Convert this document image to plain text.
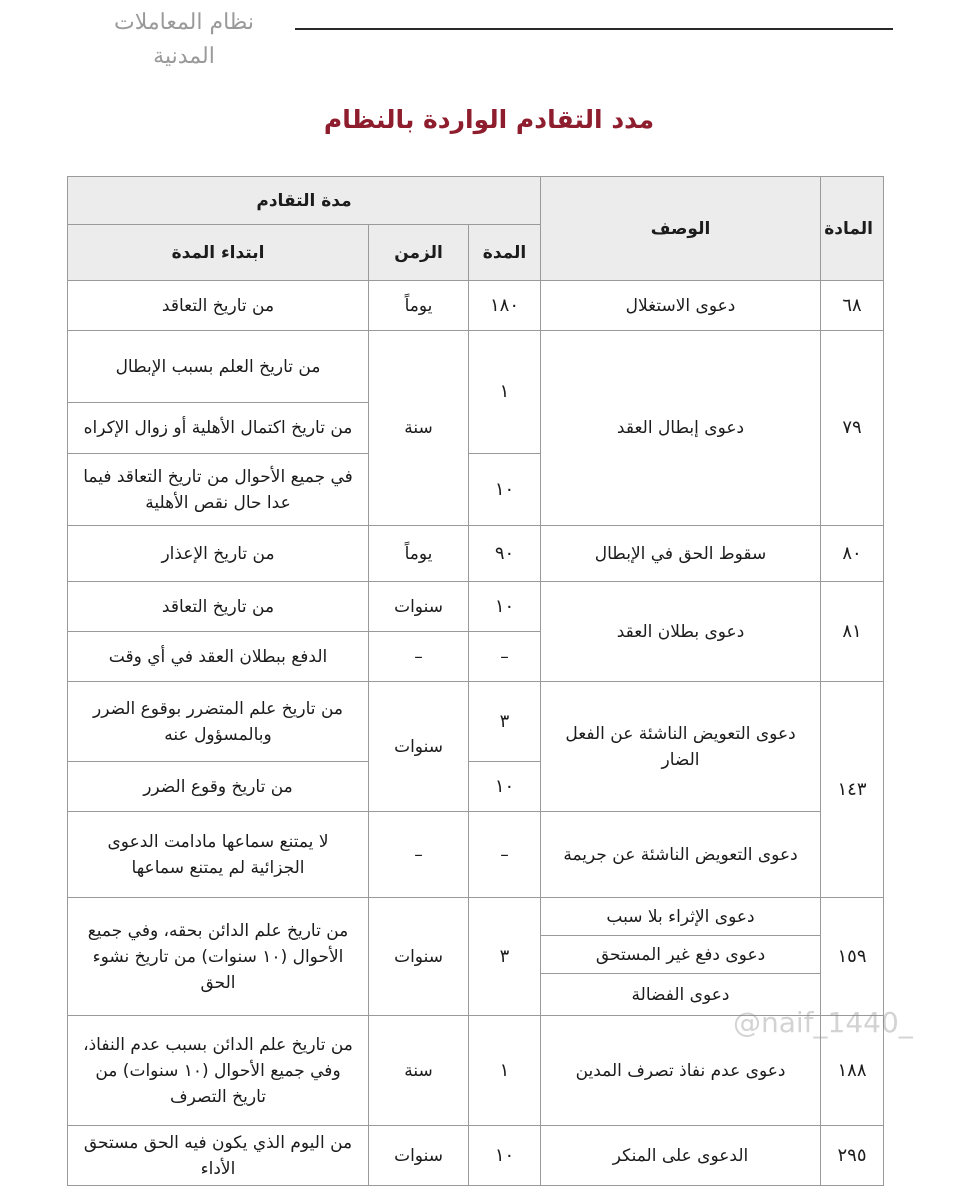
نظام المعاملات المدنية
مدد التقادم الواردة بالنظام
المادة	الوصف	مدة التقادم		
		المدة	الزمن	ابتداء المدة
٦٨	دعوى الاستغلال	١٨٠	يوماً	من تاريخ التعاقد
٧٩	دعوى إبطال العقد	١	سنة	من تاريخ العلم بسبب الإبطال
				من تاريخ اكتمال الأهلية أو زوال الإكراه
		١٠		في جميع الأحوال من تاريخ التعاقد فيما عدا حال نقص الأهلية
٨٠	سقوط الحق في الإبطال	٩٠	يوماً	من تاريخ الإعذار
٨١	دعوى بطلان العقد	١٠	سنوات	من تاريخ التعاقد
		–	–	الدفع ببطلان العقد في أي وقت
١٤٣	دعوى التعويض الناشئة عن الفعل الضار	٣	سنوات	من تاريخ علم المتضرر بوقوع الضرر وبالمسؤول عنه
		١٠		من تاريخ وقوع الضرر
	دعوى التعويض الناشئة عن جريمة	–	–	لا يمتنع سماعها مادامت الدعوى الجزائية لم يمتنع سماعها
١٥٩	دعوى الإثراء بلا سبب	٣	سنوات	من تاريخ علم الدائن بحقه، وفي جميع الأحوال (١٠ سنوات) من تاريخ نشوء الحق
	دعوى دفع غير المستحق			
	دعوى الفضالة			
١٨٨	دعوى عدم نفاذ تصرف المدين	١	سنة	من تاريخ علم الدائن بسبب عدم النفاذ، وفي جميع الأحوال (١٠ سنوات) من تاريخ التصرف
٢٩٥	الدعوى على المنكر	١٠	سنوات	من اليوم الذي يكون فيه الحق مستحق الأداء
@naif_1440_
